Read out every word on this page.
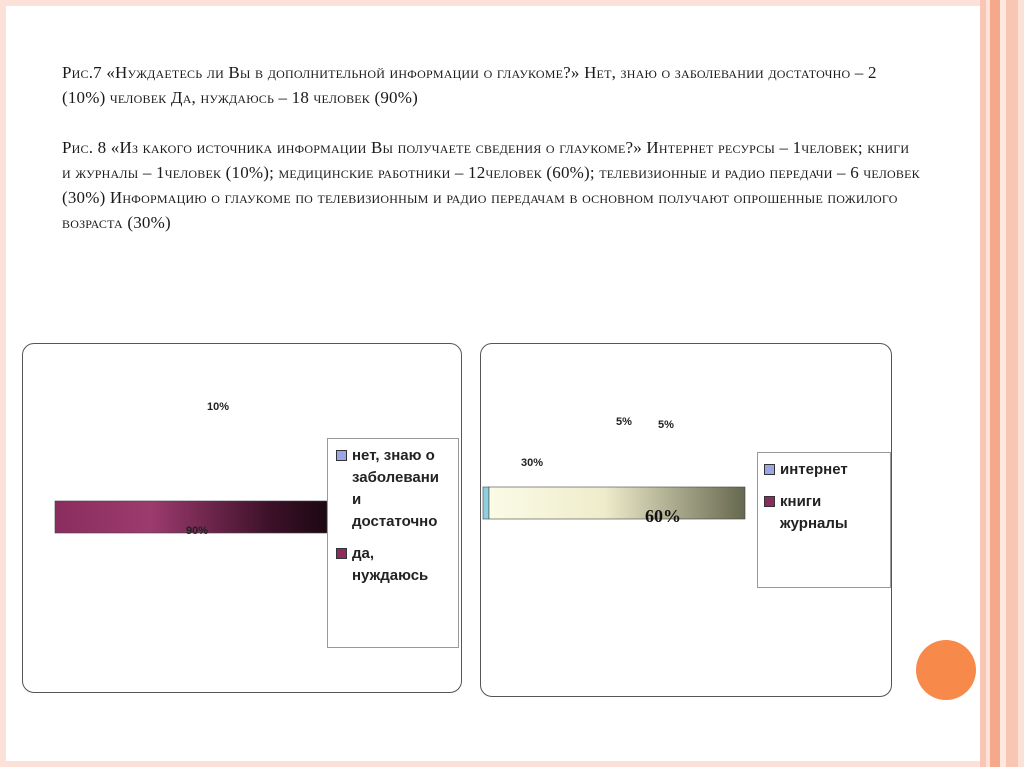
Рис.7 «Нуждаетесь ли Вы в дополнительной информации о глаукоме?» Нет, знаю о заболевании достаточно – 2 (10%) человек Да, нуждаюсь – 18 человек (90%)

Рис. 8 «Из какого источника информации Вы получаете сведения о глаукоме?» Интернет ресурсы – 1человек; книги и журналы – 1человек (10%); медицинские работники – 12человек (60%); телевизионные и радио передачи – 6 человек (30%) Информацию о глаукоме по телевизионным и радио передачам в основном получают опрошенные пожилого возраста (30%)

10%
90%
нет, знаю о
заболевани
и
достаточно
да,
нуждаюсь
5% 5%
30%
60%
интернет
книги
журналы
